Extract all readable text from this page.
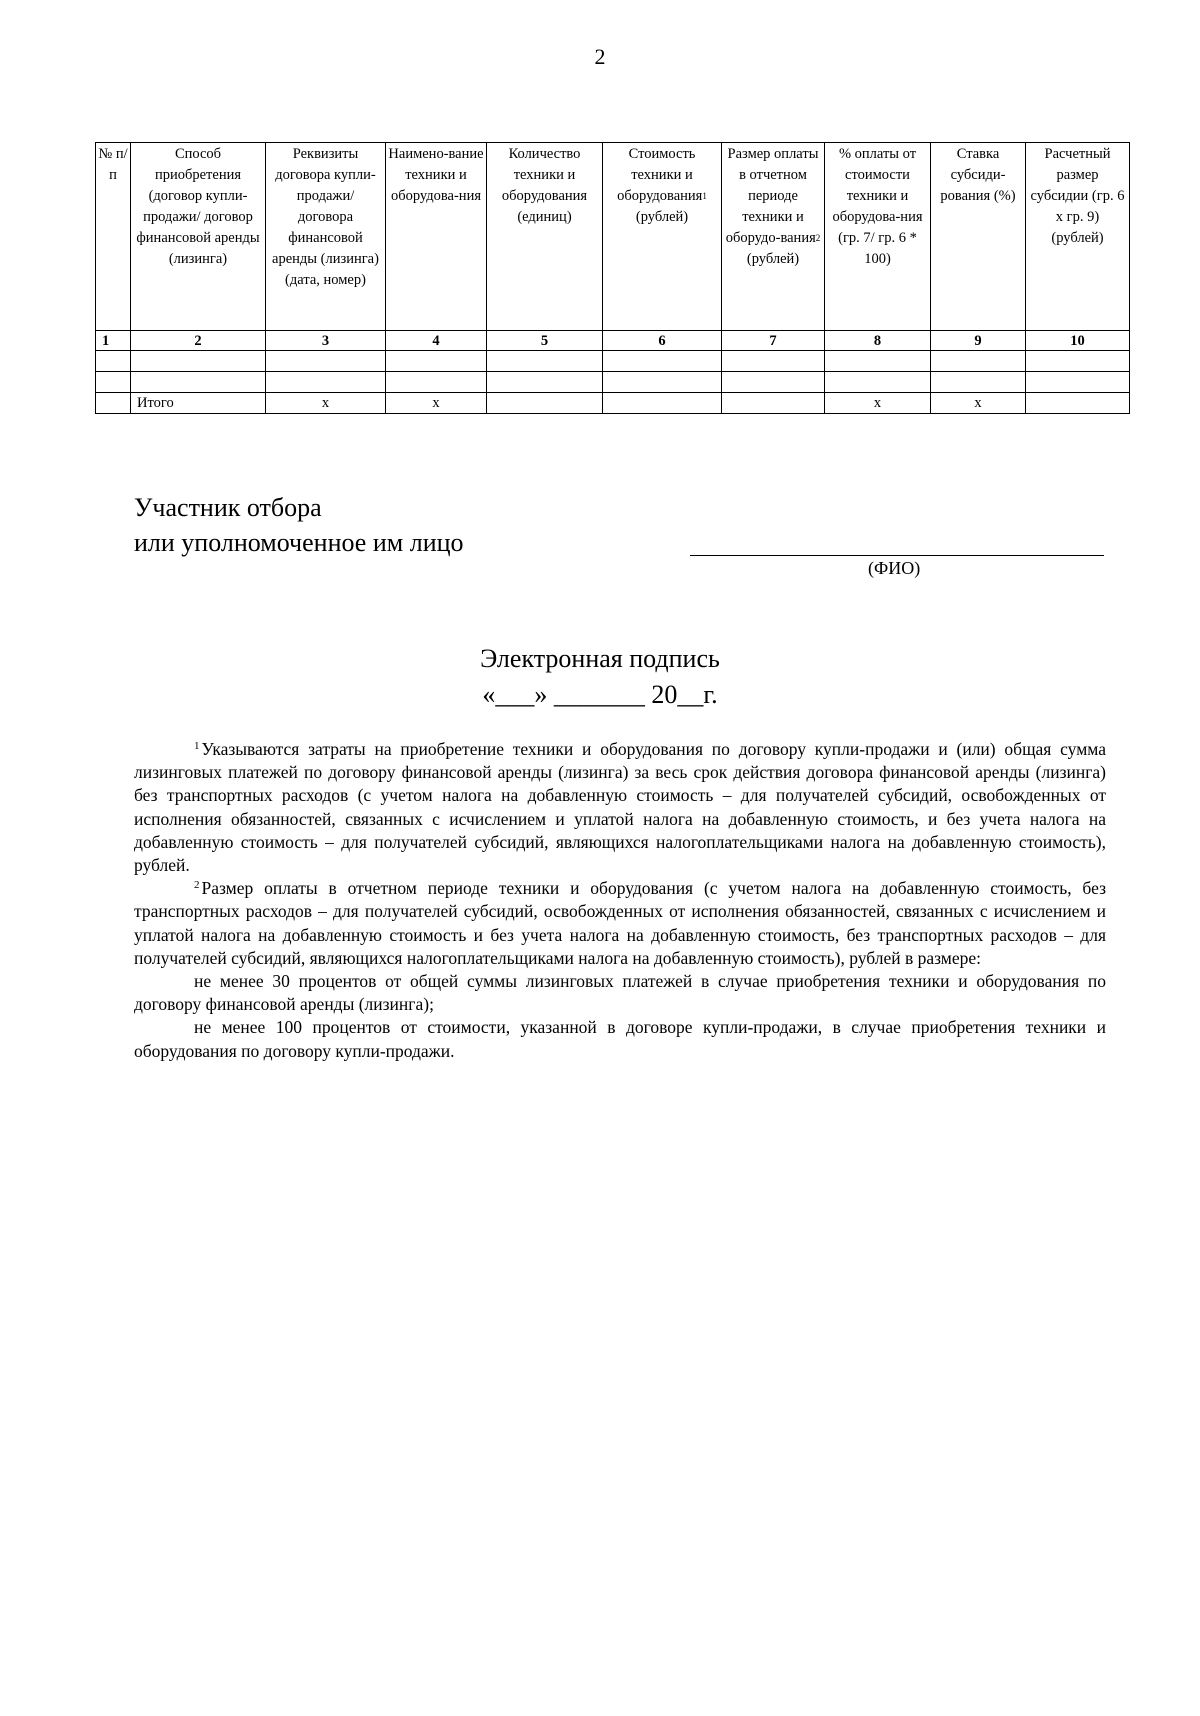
2
№ п/п	Способ приобретения (договор купли-продажи/ договор финансовой аренды (лизинга)	Реквизиты договора купли-продажи/ договора финансовой аренды (лизинга) (дата, номер)	Наимено-вание техники и оборудова-ния	Количество техники и оборудования (единиц)	Стоимость техники и оборудования$^1$ (рублей)	Размер оплаты в отчетном периоде техники и оборудо-вания$^2$ (рублей)	% оплаты от стоимости техники и оборудова-ния (гр. 7/ гр. 6 * 100)	Ставка субсиди-рования (%)	Расчетный размер субсидии (гр. 6 х гр. 9) (рублей)
1	2	3	4	5	6	7	8	9	10

	Итого	х	х				х	х	
Участник отбора
или уполномоченное им лицо
(ФИО)
Электронная подпись
«___» _______ 20__г.

$^1$ Указываются затраты на приобретение техники и оборудования по договору купли-продажи и (или) общая сумма лизинговых платежей по договору финансовой аренды (лизинга) за весь срок действия договора финансовой аренды (лизинга) без транспортных расходов (с учетом налога на добавленную стоимость – для получателей субсидий, освобожденных от исполнения обязанностей, связанных с исчислением и уплатой налога на добавленную стоимость, и без учета налога на добавленную стоимость – для получателей субсидий, являющихся налогоплательщиками налога на добавленную стоимость), рублей.

$^2$ Размер оплаты в отчетном периоде техники и оборудования (с учетом налога на добавленную стоимость, без транспортных расходов – для получателей субсидий, освобожденных от исполнения обязанностей, связанных с исчислением и уплатой налога на добавленную стоимость и без учета налога на добавленную стоимость, без транспортных расходов – для получателей субсидий, являющихся налогоплательщиками налога на добавленную стоимость), рублей в размере:

не менее 30 процентов от общей суммы лизинговых платежей в случае приобретения техники и оборудования по договору финансовой аренды (лизинга);

не менее 100 процентов от стоимости, указанной в договоре купли-продажи, в случае приобретения техники и оборудования по договору купли-продажи.
